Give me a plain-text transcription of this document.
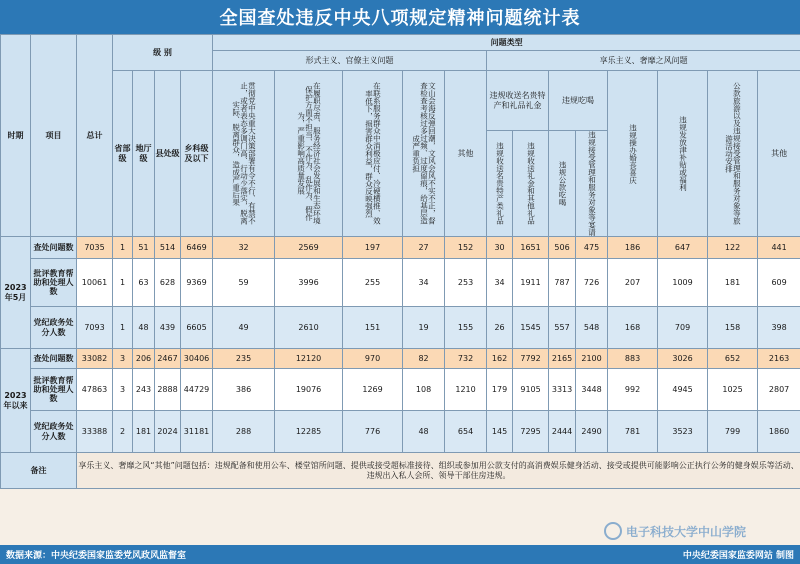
全国查处违反中央八项规定精神问题统计表
时期	项目	总计	级 别				问题类型												
							形式主义、官僚主义问题					享乐主义、奢靡之风问题							
			省部级	地厅级	县处级	乡科级及以下	贯彻党中央重大决策部署有令不行、有禁不止，或者表态多调门高、行动少落实，脱离实际、脱离群众，造成严重后果	在履职尽责、服务经济社会发展和生态环境保护方面不担当、不作为、乱作为、假作为，严重影响高质量发展	在联系服务群众中消极应付、冷硬横推、效率低下，损害群众利益，群众反映强烈	文山会海反弹回潮，文风会风不实不正，督查检查考核过多过频、过度留痕，给基层造成严重负担	其他	违规收送名贵特产和礼品礼金		违规吃喝		违规操办婚丧喜庆	违规发放津补贴或福利	公款旅游以及违规接受管理和服务对象等旅游活动安排	其他

												违规收送名贵特产类礼品	违规收送礼金和其他礼品	违规公款吃喝	违规接受管理和服务对象等宴请				

2023年5月	查处问题数	7035	1	51	514	6469	32	2569	197	27	152	30	1651	506	475	186	647	122	441
	批评教育帮助和处理人数	10061	1	63	628	9369	59	3996	255	34	253	34	1911	787	726	207	1009	181	609
	党纪政务处分人数	7093	1	48	439	6605	49	2610	151	19	155	26	1545	557	548	168	709	158	398
2023年以来	查处问题数	33082	3	206	2467	30406	235	12120	970	82	732	162	7792	2165	2100	883	3026	652	2163
	批评教育帮助和处理人数	47863	3	243	2888	44729	386	19076	1269	108	1210	179	9105	3313	3448	992	4945	1025	2807
	党纪政务处分人数	33388	2	181	2024	31181	288	12285	776	48	654	145	7295	2444	2490	781	3523	799	1860
备注		享乐主义、奢靡之风“其他”问题包括：违规配备和使用公车、楼堂馆所问题、提供或接受超标准接待、组织或参加用公款支付的高消费娱乐健身活动、接受或提供可能影响公正执行公务的健身娱乐等活动、违规出入私人会所、领导干部住房违规。																	
电子科技大学中山学院
数据来源：中央纪委国家监委党风政风监督室	中央纪委国家监委网站 制图
